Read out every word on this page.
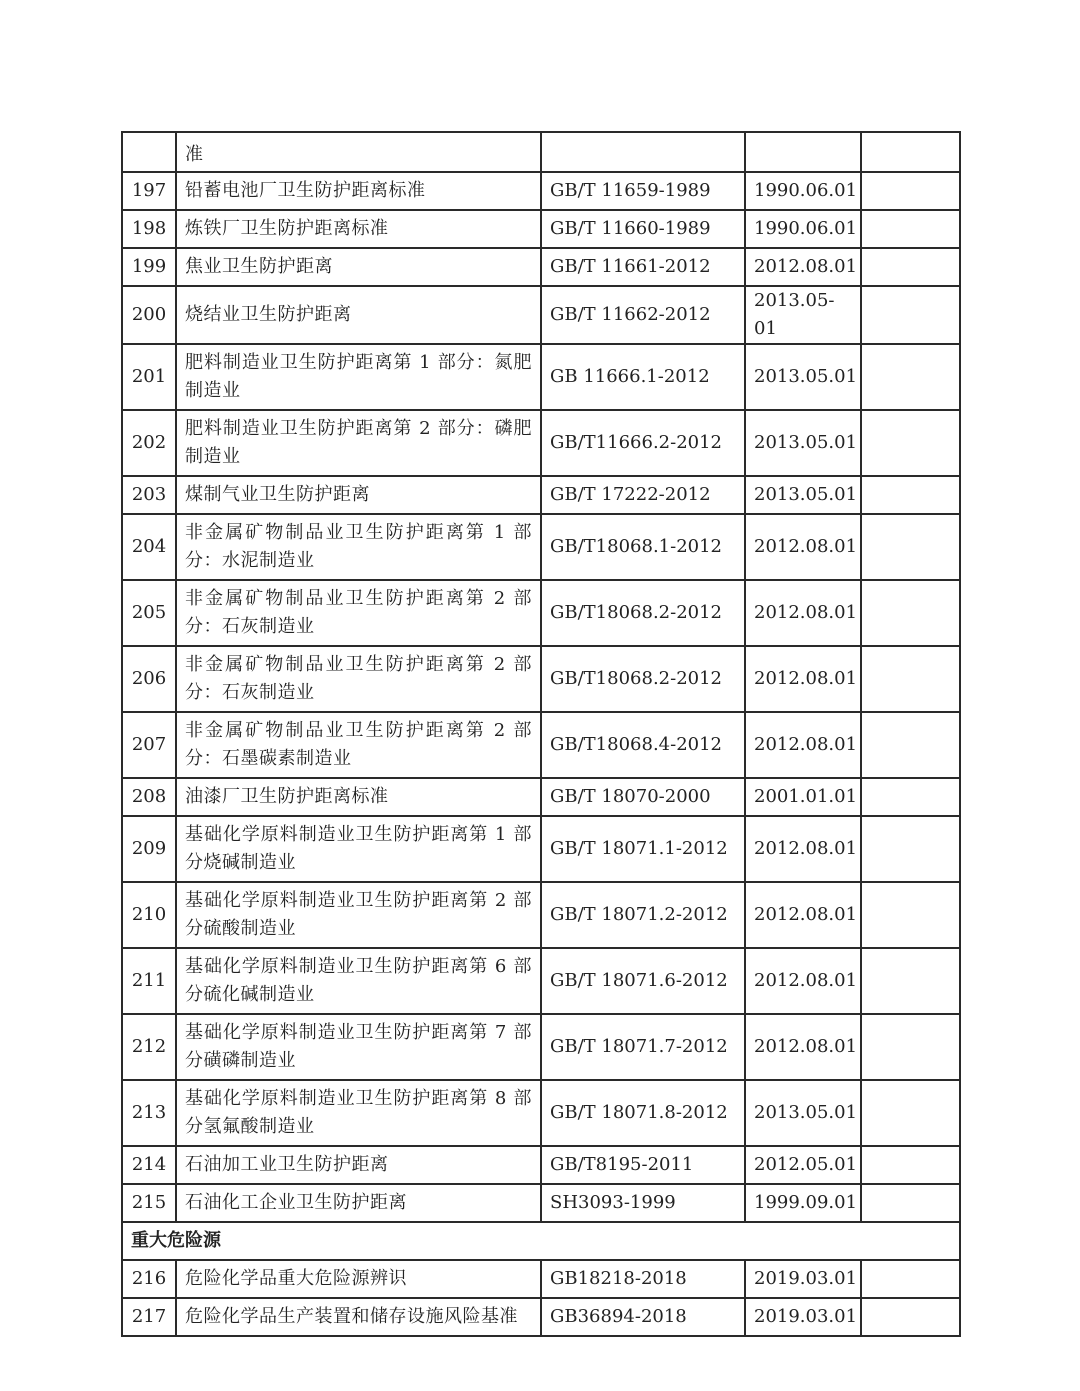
	准			
197	铅蓄电池厂卫生防护距离标准	GB/T 11659-1989	1990.06.01	
198	炼铁厂卫生防护距离标准	GB/T 11660-1989	1990.06.01	
199	焦业卫生防护距离	GB/T 11661-2012	2012.08.01	
200	烧结业卫生防护距离	GB/T 11662-2012	2013.05-01	
201	肥料制造业卫生防护距离第 1 部分：氮肥制造业	GB 11666.1-2012	2013.05.01	
202	肥料制造业卫生防护距离第 2 部分：磷肥制造业	GB/T11666.2-2012	2013.05.01	
203	煤制气业卫生防护距离	GB/T 17222-2012	2013.05.01	
204	非金属矿物制品业卫生防护距离第 1 部分：水泥制造业	GB/T18068.1-2012	2012.08.01	
205	非金属矿物制品业卫生防护距离第 2 部分：石灰制造业	GB/T18068.2-2012	2012.08.01	
206	非金属矿物制品业卫生防护距离第 2 部分：石灰制造业	GB/T18068.2-2012	2012.08.01	
207	非金属矿物制品业卫生防护距离第 2 部分：石墨碳素制造业	GB/T18068.4-2012	2012.08.01	
208	油漆厂卫生防护距离标准	GB/T 18070-2000	2001.01.01	
209	基础化学原料制造业卫生防护距离第 1 部分烧碱制造业	GB/T 18071.1-2012	2012.08.01	
210	基础化学原料制造业卫生防护距离第 2 部分硫酸制造业	GB/T 18071.2-2012	2012.08.01	
211	基础化学原料制造业卫生防护距离第 6 部分硫化碱制造业	GB/T 18071.6-2012	2012.08.01	
212	基础化学原料制造业卫生防护距离第 7 部分磺磷制造业	GB/T 18071.7-2012	2012.08.01	
213	基础化学原料制造业卫生防护距离第 8 部分氢氟酸制造业	GB/T 18071.8-2012	2013.05.01	
214	石油加工业卫生防护距离	GB/T8195-2011	2012.05.01	
215	石油化工企业卫生防护距离	SH3093-1999	1999.09.01	
重大危险源				
216	危险化学品重大危险源辨识	GB18218-2018	2019.03.01	
217	危险化学品生产装置和储存设施风险基准	GB36894-2018	2019.03.01	
